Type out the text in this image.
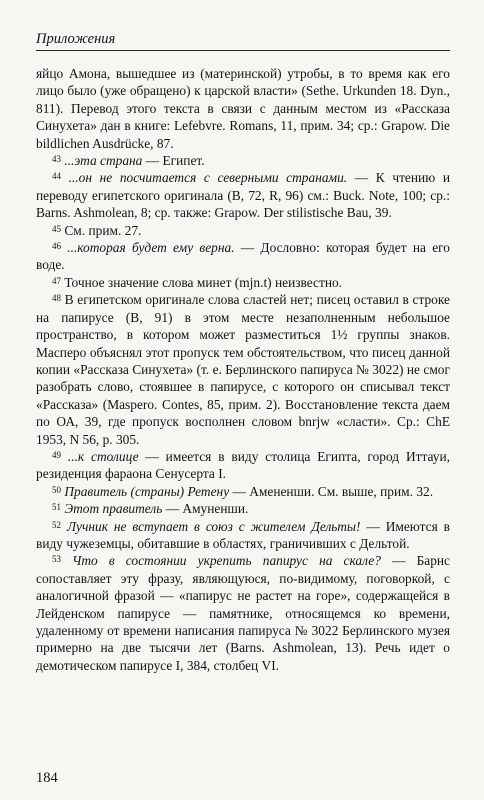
Приложения

яйцо Амона, вышедшее из (материнской) утробы, в то время как его лицо было (уже обращено) к царской власти» (Sethe. Urkunden 18. Dyn., 811). Перевод этого текста в связи с данным местом из «Рассказа Синухета» дан в книге: Lefebvre. Romans, 11, прим. 34; ср.: Grapow. Die bildlichen Ausdrücke, 87.

$^{43}$ ...эта страна — Египет.

$^{44}$ ...он не посчитается с северными странами. — К чтению и переводу египетского оригинала (В, 72, R, 96) см.: Buck. Note, 100; ср.: Barns. Ashmolean, 8; ср. также: Grapow. Der stilistische Bau, 39.

$^{45}$ См. прим. 27.

$^{46}$ ...которая будет ему верна. — Дословно: которая будет на его воде.

$^{47}$ Точное значение слова минет (mjn.t) неизвестно.

$^{48}$ В египетском оригинале слова сластей нет; писец оставил в строке на папирусе (В, 91) в этом месте незаполненным небольшое пространство, в котором может разместиться 1½ группы знаков. Масперо объяснял этот пропуск тем обстоятельством, что писец данной копии «Рассказа Синухета» (т. е. Берлинского папируса № 3022) не смог разобрать слово, стоявшее в папирусе, с которого он списывал текст «Рассказа» (Maspero. Contes, 85, прим. 2). Восстановление текста даем по ОА, 39, где пропуск восполнен словом bnrjw «сласти». Ср.: ChE 1953, N 56, p. 305.

$^{49}$ ...к столице — имеется в виду столица Египта, город Иттауи, резиденция фараона Сенусерта I.

$^{50}$ Правитель (страны) Ретену — Амененши. См. выше, прим. 32.

$^{51}$ Этот правитель — Амуненши.

$^{52}$ Лучник не вступает в союз с жителем Дельты! — Имеются в виду чужеземцы, обитавшие в областях, граничивших с Дельтой.

$^{53}$ Что в состоянии укрепить папирус на скале? — Барнс сопоставляет эту фразу, являющуюся, по-видимому, поговоркой, с аналогичной фразой — «папирус не растет на горе», содержащейся в Лейденском папирусе — памятнике, относящемся ко времени, удаленному от времени написания папируса № 3022 Берлинского музея примерно на две тысячи лет (Barns. Ashmolean, 13). Речь идет о демотическом папирусе I, 384, столбец VI.

184
